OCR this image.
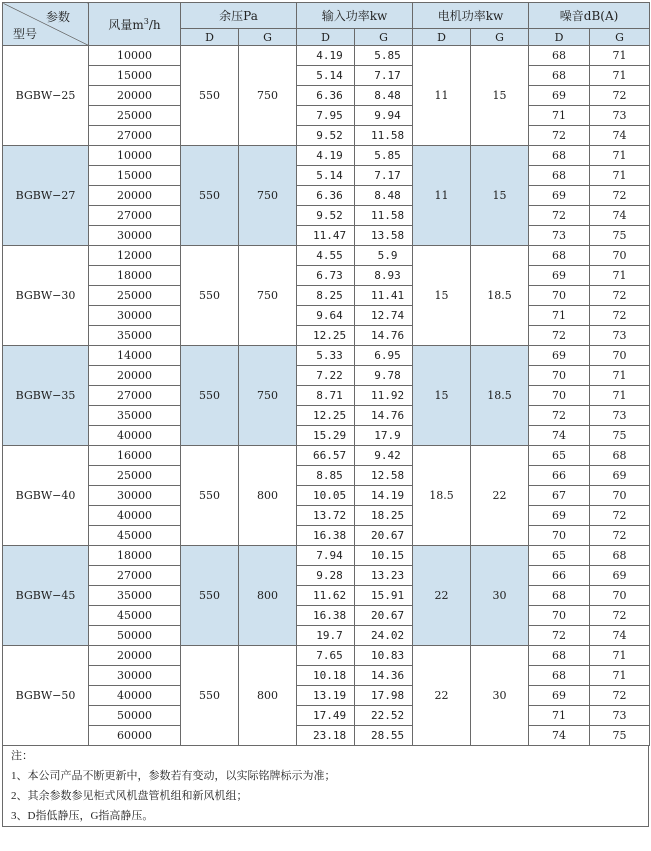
参数
型号	风量$m^3/h$	余压Pa		输入功率kw		电机功率kw		噪音dB(A)	
		D	G	D	G	D	G	D	G
BGBW−25	10000	550	750	4.19	5.85	11	15	68	71
	15000			5.14	7.17			68	71
	20000			6.36	8.48			69	72
	25000			7.95	9.94			71	73
	27000			9.52	11.58			72	74
BGBW−27	10000	550	750	4.19	5.85	11	15	68	71
	15000			5.14	7.17			68	71
	20000			6.36	8.48			69	72
	27000			9.52	11.58			72	74
	30000			11.47	13.58			73	75
BGBW−30	12000	550	750	4.55	5.9	15	18.5	68	70
	18000			6.73	8.93			69	71
	25000			8.25	11.41			70	72
	30000			9.64	12.74			71	72
	35000			12.25	14.76			72	73
BGBW−35	14000	550	750	5.33	6.95	15	18.5	69	70
	20000			7.22	9.78			70	71
	27000			8.71	11.92			70	71
	35000			12.25	14.76			72	73
	40000			15.29	17.9			74	75
BGBW−40	16000	550	800	66.57	9.42	18.5	22	65	68
	25000			8.85	12.58			66	69
	30000			10.05	14.19			67	70
	40000			13.72	18.25			69	72
	45000			16.38	20.67			70	72
BGBW−45	18000	550	800	7.94	10.15	22	30	65	68
	27000			9.28	13.23			66	69
	35000			11.62	15.91			68	70
	45000			16.38	20.67			70	72
	50000			19.7	24.02			72	74
BGBW−50	20000	550	800	7.65	10.83	22	30	68	71
	30000			10.18	14.36			68	71
	40000			13.19	17.98			69	72
	50000			17.49	22.52			71	73
	60000			23.18	28.55			74	75
注：
1、本公司产品不断更新中，参数若有变动，以实际铭牌标示为准；
2、其余参数参见柜式风机盘管机组和新风机组；
3、D指低静压，G指高静压。
